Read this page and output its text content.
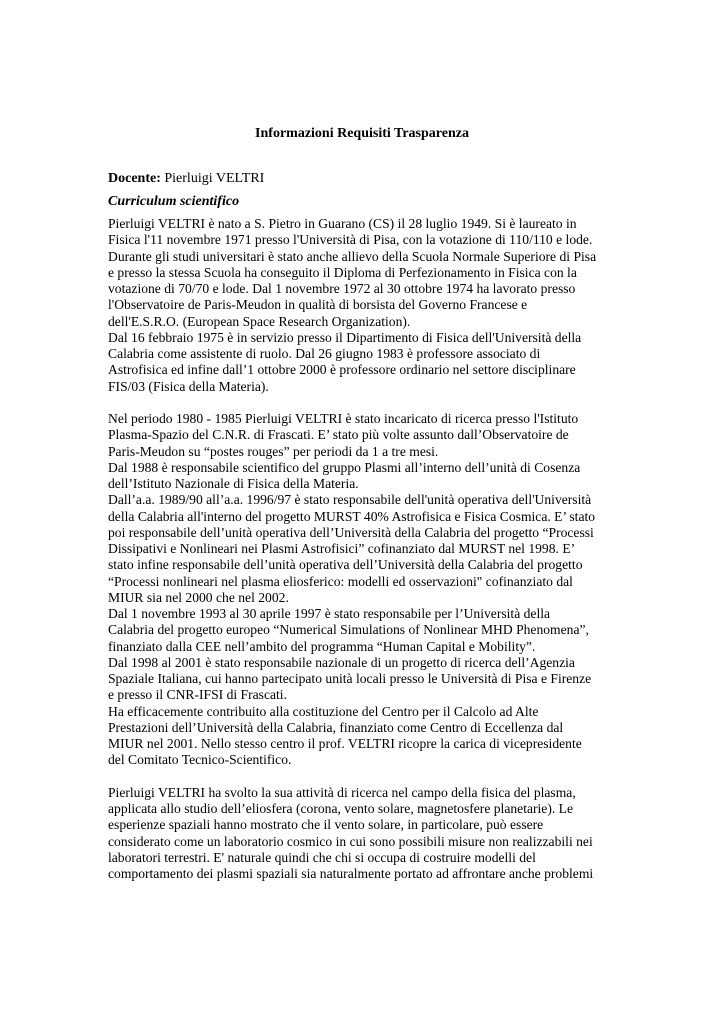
Informazioni Requisiti Trasparenza

Docente: Pierluigi VELTRI

Curriculum scientifico

Pierluigi VELTRI è nato a S. Pietro in Guarano (CS) il 28 luglio 1949. Si è laureato in
Fisica l'11 novembre 1971 presso l'Università di Pisa, con la votazione di 110/110 e lode.
Durante gli studi universitari è stato anche allievo della Scuola Normale Superiore di Pisa
e presso la stessa Scuola ha conseguito il Diploma di Perfezionamento in Fisica con la
votazione di 70/70 e lode. Dal 1 novembre 1972 al 30 ottobre 1974 ha lavorato presso
l'Observatoire de Paris-Meudon in qualità di borsista del Governo Francese e
dell'E.S.R.O. (European Space Research Organization).
Dal 16 febbraio 1975 è in servizio presso il Dipartimento di Fisica dell'Università della
Calabria come assistente di ruolo. Dal 26 giugno 1983 è professore associato di
Astrofisica ed infine dall’1 ottobre 2000 è professore ordinario nel settore disciplinare
FIS/03 (Fisica della Materia).
Nel periodo 1980 - 1985 Pierluigi VELTRI è stato incaricato di ricerca presso l'Istituto
Plasma-Spazio del C.N.R. di Frascati. E’ stato più volte assunto dall’Observatoire de
Paris-Meudon su “postes rouges” per periodi da 1 a tre mesi.
Dal 1988 è responsabile scientifico del gruppo Plasmi all’interno dell’unità di Cosenza
dell’Istituto Nazionale di Fisica della Materia.
Dall’a.a. 1989/90 all’a.a. 1996/97 è stato responsabile dell'unità operativa dell'Università
della Calabria all'interno del progetto MURST 40% Astrofisica e Fisica Cosmica. E’ stato
poi responsabile dell’unità operativa dell’Università della Calabria del progetto “Processi
Dissipativi e Nonlineari nei Plasmi Astrofisici” cofinanziato dal MURST nel 1998. E’
stato infine responsabile dell’unità operativa dell’Università della Calabria del progetto
“Processi nonlineari nel plasma eliosferico: modelli ed osservazioni" cofinanziato dal
MIUR sia nel 2000 che nel 2002.
Dal 1 novembre 1993 al 30 aprile 1997 è stato responsabile per l’Università della
Calabria del progetto europeo “Numerical Simulations of Nonlinear MHD Phenomena”,
finanziato dalla CEE nell’ambito del programma “Human Capital e Mobility”.
Dal 1998 al 2001 è stato responsabile nazionale di un progetto di ricerca dell’Agenzia
Spaziale Italiana, cui hanno partecipato unità locali presso le Università di Pisa e Firenze
e presso il CNR-IFSI di Frascati.
Ha efficacemente contribuito alla costituzione del Centro per il Calcolo ad Alte
Prestazioni dell’Università della Calabria, finanziato come Centro di Eccellenza dal
MIUR nel 2001. Nello stesso centro il prof. VELTRI ricopre la carica di vicepresidente
del Comitato Tecnico-Scientifico.
Pierluigi VELTRI ha svolto la sua attività di ricerca nel campo della fisica del plasma,
applicata allo studio dell’eliosfera (corona, vento solare, magnetosfere planetarie). Le
esperienze spaziali hanno mostrato che il vento solare, in particolare, può essere
considerato come un laboratorio cosmico in cui sono possibili misure non realizzabili nei
laboratori terrestri. E' naturale quindi che chi si occupa di costruire modelli del
comportamento dei plasmi spaziali sia naturalmente portato ad affrontare anche problemi
